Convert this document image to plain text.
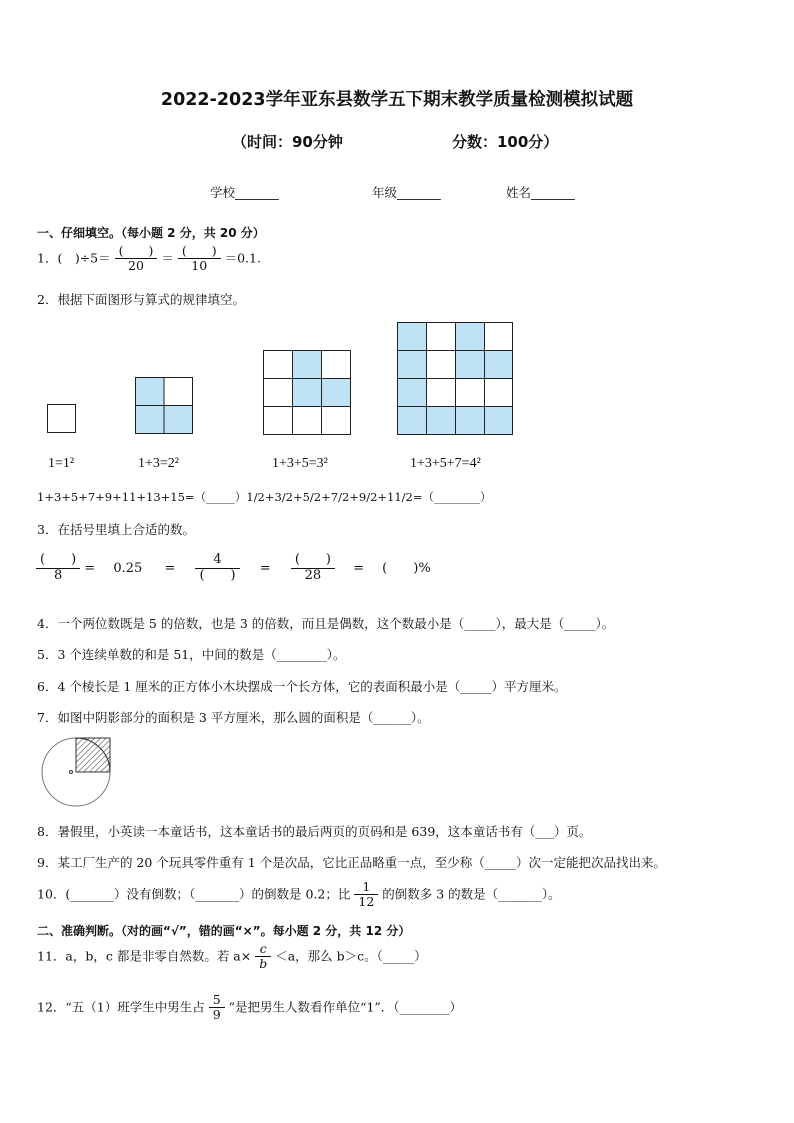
2022-2023学年亚东县数学五下期末教学质量检测模拟试题
（时间：90分钟	分数：100分）
学校_______	年级_______	姓名_______
一、仔细填空。（每小题 2 分，共 20 分）
1．(　)$\div 5= \frac{( )}{20} = \frac{( )}{10} =0.1$.
2．根据下面图形与算式的规律填空。
1=1²	1+3=2²	1+3+5=3²	1+3+5+7=4²
1+3+5+7+9+11+13+15=（_____）1/2+3/2+5/2+7/2+9/2+11/2=（________）
3．在括号里填上合适的数。
$\frac{( )}{8} = 0.25 = \frac{4}{( )} = \frac{( )}{28}$ = (　　)%
4．一个两位数既是 5 的倍数，也是 3 的倍数，而且是偶数，这个数最小是（_____），最大是（_____）。
5．3 个连续单数的和是 51，中间的数是（________）。
6．4 个棱长是 1 厘米的正方体小木块摆成一个长方体，它的表面积最小是（_____）平方厘米。
7．如图中阴影部分的面积是 3 平方厘米，那么圆的面积是（______）。
8．暑假里，小英读一本童话书，这本童话书的最后两页的页码和是 639，这本童话书有（___）页。
9．某工厂生产的 20 个玩具零件重有 1 个是次品，它比正品略重一点，至少称（_____）次一定能把次品找出来。
10．(_______）没有倒数；（_______）的倒数是 0.2；比 $\frac{1}{12}$ 的倒数多 3 的数是（_______）。
二、准确判断。（对的画“√”，错的画“×”。每小题 2 分，共 12 分）
11．a，b，c 都是非零自然数。若 $a\times \frac{c}{b} <a$，那么 b＞c。（_____）
12．“五（1）班学生中男生占 $\frac{5}{9}$ ”是把男生人数看作单位“1”．（________）
